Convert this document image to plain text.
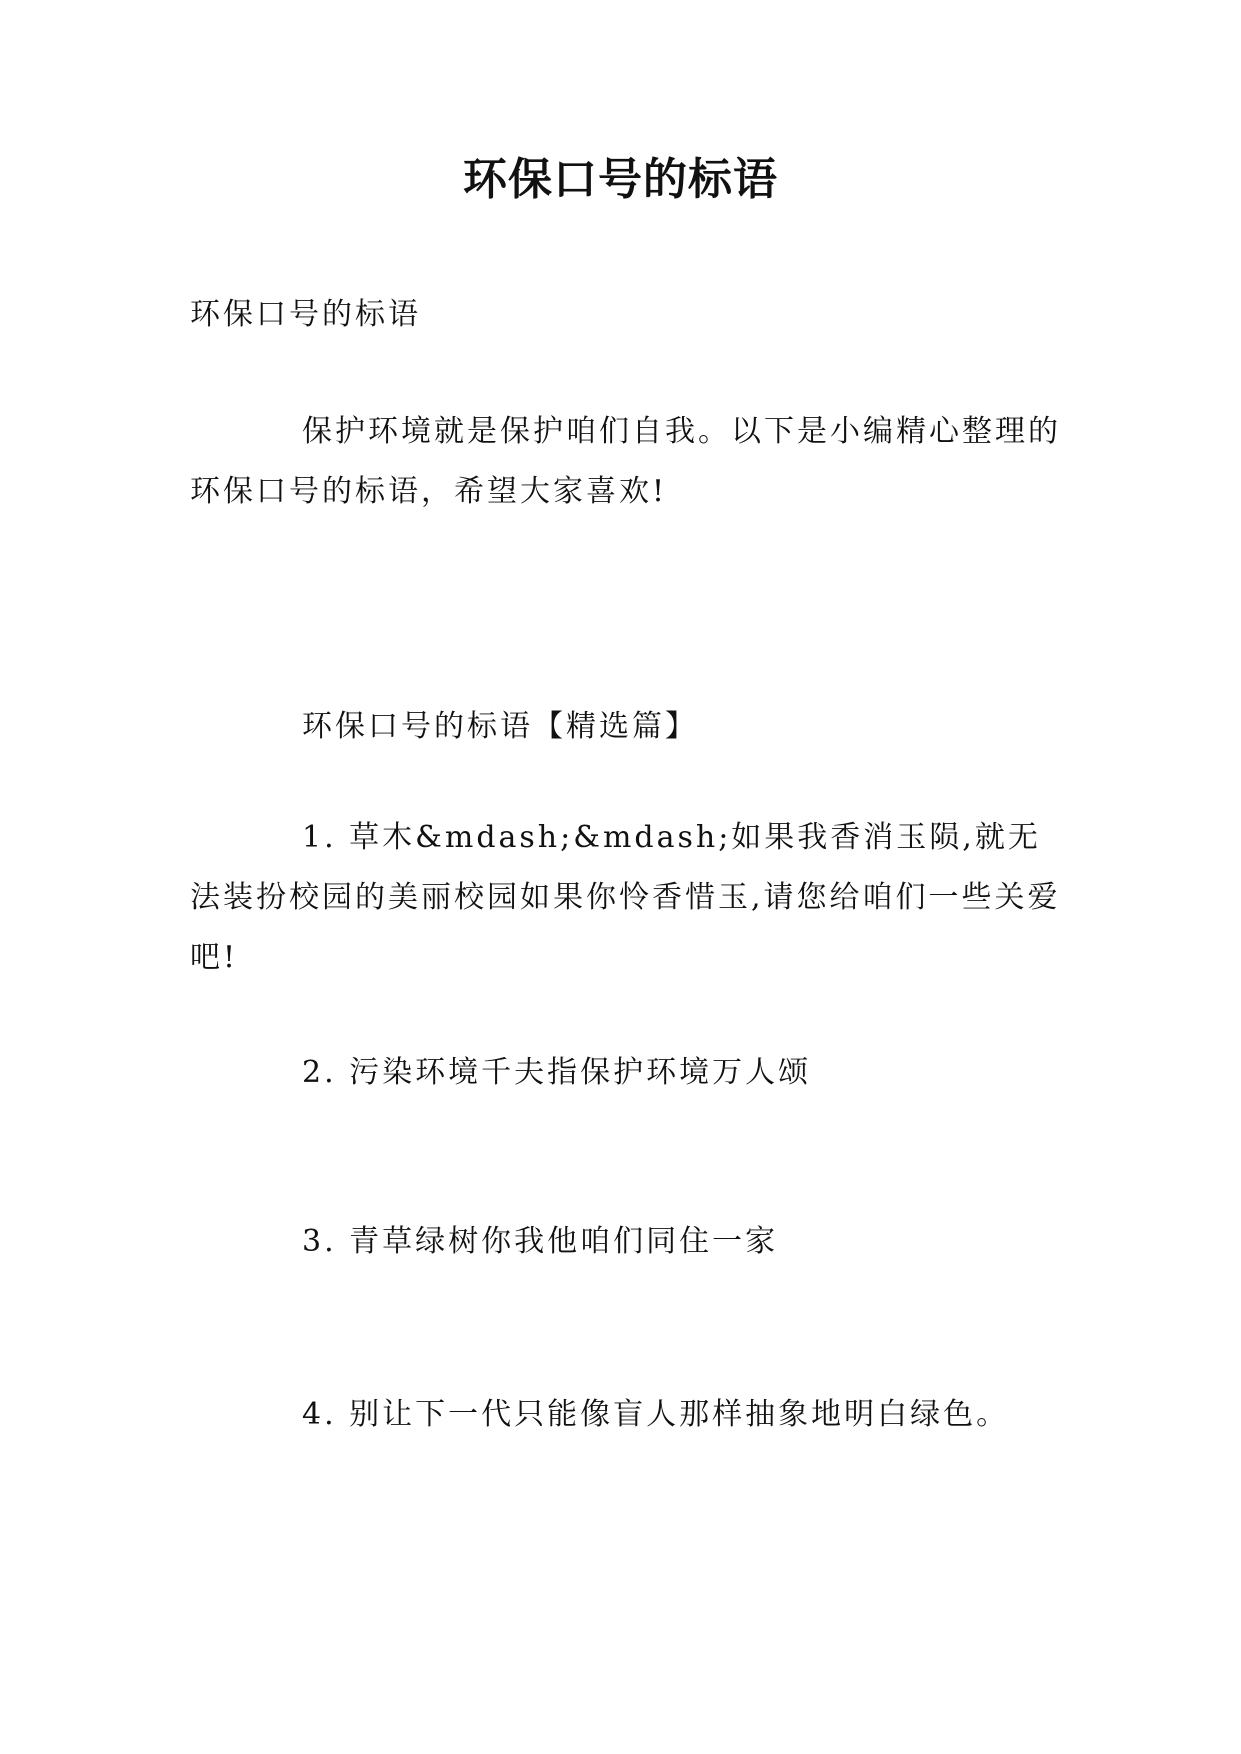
环保口号的标语

环保口号的标语

保护环境就是保护咱们自我。以下是小编精心整理的环保口号的标语，希望大家喜欢!

环保口号的标语【精选篇】

1. 草木&mdash;&mdash;如果我香消玉陨,就无法装扮校园的美丽校园如果你怜香惜玉,请您给咱们一些关爱吧!

2. 污染环境千夫指保护环境万人颂

3. 青草绿树你我他咱们同住一家

4. 别让下一代只能像盲人那样抽象地明白绿色。
